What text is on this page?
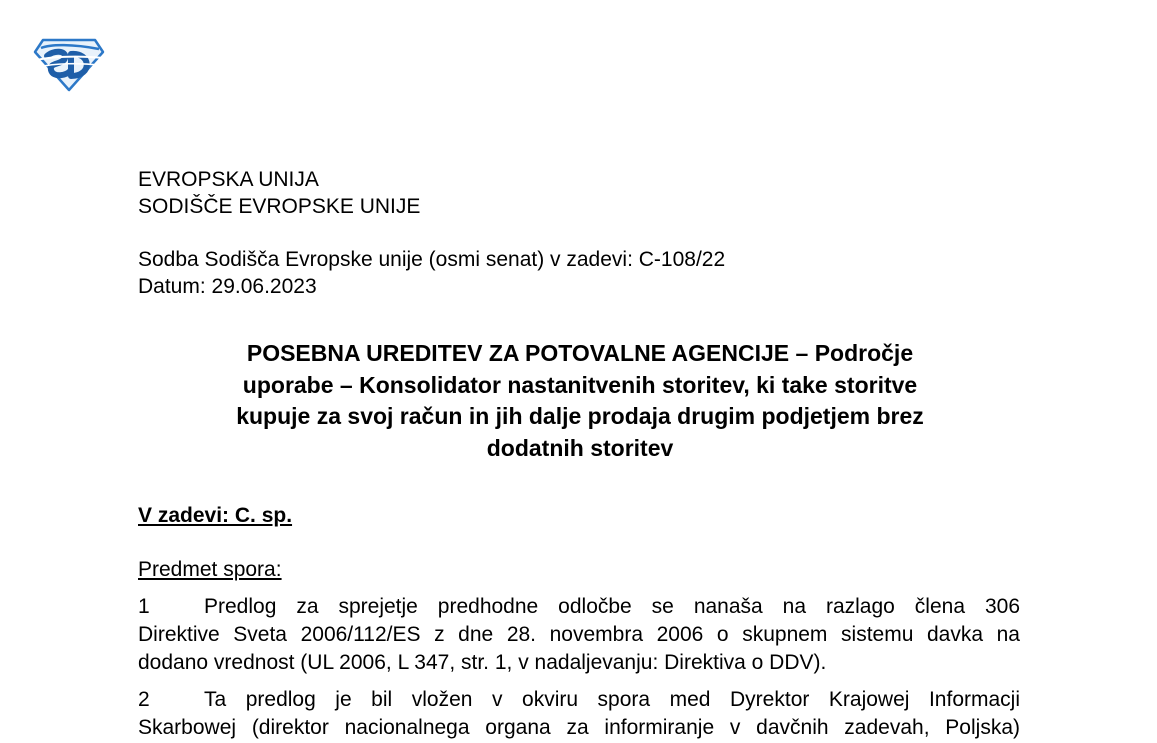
EVROPSKA UNIJA
SODIŠČE EVROPSKE UNIJE
Sodba Sodišča Evropske unije (osmi senat) v zadevi: C-108/22
Datum: 29.06.2023
POSEBNA UREDITEV ZA POTOVALNE AGENCIJE – Področje
uporabe – Konsolidator nastanitvenih storitev, ki take storitve
kupuje za svoj račun in jih dalje prodaja drugim podjetjem brez
dodatnih storitev
V zadevi: C. sp.
Predmet spora:
1	Predlog za sprejetje predhodne odločbe se nanaša na razlago člena 306
Direktive Sveta 2006/112/ES z dne 28. novembra 2006 o skupnem sistemu davka na
dodano vrednost (UL 2006, L 347, str. 1, v nadaljevanju: Direktiva o DDV).
2	Ta predlog je bil vložen v okviru spora med Dyrektor Krajowej Informacji
Skarbowej (direktor nacionalnega organa za informiranje v davčnih zadevah, Poljska)
